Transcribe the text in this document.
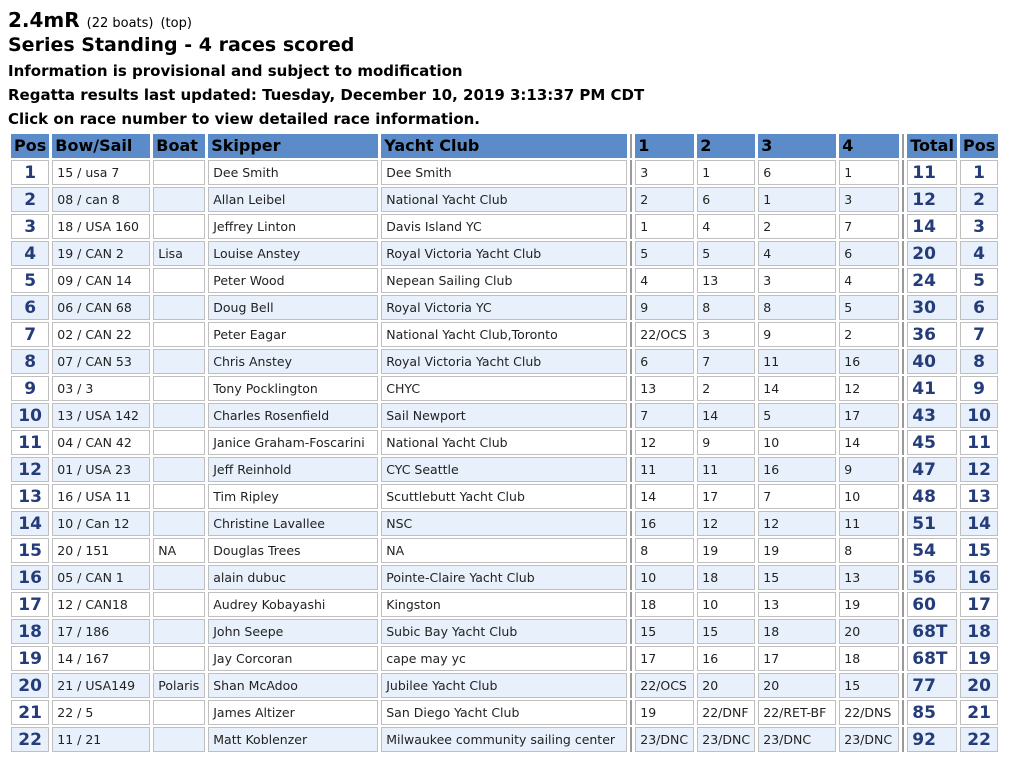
2.4mR (22 boats) (top)
Series Standing - 4 races scored
Information is provisional and subject to modification
Regatta results last updated: Tuesday, December 10, 2019 3:13:37 PM CDT
Click on race number to view detailed race information.
Pos	Bow/Sail	Boat	Skipper	Yacht Club		1	2	3	4		Total	Pos
1	15 / usa 7		Dee Smith	Dee Smith		3	1	6	1		11	1
2	08 / can 8		Allan Leibel	National Yacht Club		2	6	1	3		12	2
3	18 / USA 160		Jeffrey Linton	Davis Island YC		1	4	2	7		14	3
4	19 / CAN 2	Lisa	Louise Anstey	Royal Victoria Yacht Club		5	5	4	6		20	4
5	09 / CAN 14		Peter Wood	Nepean Sailing Club		4	13	3	4		24	5
6	06 / CAN 68		Doug Bell	Royal Victoria YC		9	8	8	5		30	6
7	02 / CAN 22		Peter Eagar	National Yacht Club,Toronto		22/OCS	3	9	2		36	7
8	07 / CAN 53		Chris Anstey	Royal Victoria Yacht Club		6	7	11	16		40	8
9	03 / 3		Tony Pocklington	CHYC		13	2	14	12		41	9
10	13 / USA 142		Charles Rosenfield	Sail Newport		7	14	5	17		43	10
11	04 / CAN 42		Janice Graham-Foscarini	National Yacht Club		12	9	10	14		45	11
12	01 / USA 23		Jeff Reinhold	CYC Seattle		11	11	16	9		47	12
13	16 / USA 11		Tim Ripley	Scuttlebutt Yacht Club		14	17	7	10		48	13
14	10 / Can 12		Christine Lavallee	NSC		16	12	12	11		51	14
15	20 / 151	NA	Douglas Trees	NA		8	19	19	8		54	15
16	05 / CAN 1		alain dubuc	Pointe-Claire Yacht Club		10	18	15	13		56	16
17	12 / CAN18		Audrey Kobayashi	Kingston		18	10	13	19		60	17
18	17 / 186		John Seepe	Subic Bay Yacht Club		15	15	18	20		68T	18
19	14 / 167		Jay Corcoran	cape may yc		17	16	17	18		68T	19
20	21 / USA149	Polaris	Shan McAdoo	Jubilee Yacht Club		22/OCS	20	20	15		77	20
21	22 / 5		James Altizer	San Diego Yacht Club		19	22/DNF	22/RET-BF	22/DNS		85	21
22	11 / 21		Matt Koblenzer	Milwaukee community sailing center		23/DNC	23/DNC	23/DNC	23/DNC		92	22
